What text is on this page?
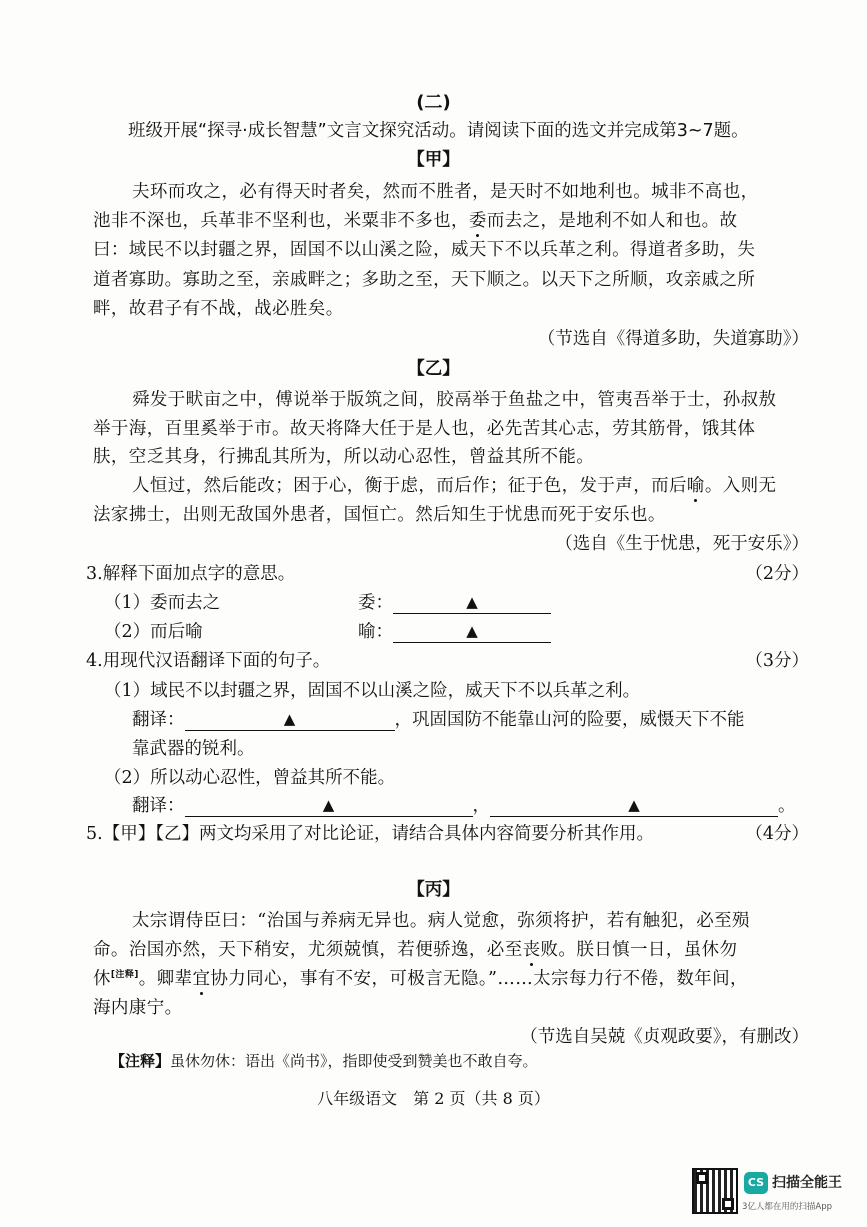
(二)
班级开展“探寻·成长智慧”文言文探究活动。请阅读下面的选文并完成第3~7题。
【甲】
夫环而攻之，必有得天时者矣，然而不胜者，是天时不如地利也。城非不高也，
池非不深也，兵革非不坚利也，米粟非不多也，委而去之，是地利不如人和也。故
曰：域民不以封疆之界，固国不以山溪之险，威天下不以兵革之利。得道者多助，失
道者寡助。寡助之至，亲戚畔之；多助之至，天下顺之。以天下之所顺，攻亲戚之所
畔，故君子有不战，战必胜矣。
（节选自《得道多助，失道寡助》）
【乙】
舜发于畎亩之中，傅说举于版筑之间，胶鬲举于鱼盐之中，管夷吾举于士，孙叔敖
举于海，百里奚举于市。故天将降大任于是人也，必先苦其心志，劳其筋骨，饿其体
肤，空乏其身，行拂乱其所为，所以动心忍性，曾益其所不能。
人恒过，然后能改；困于心，衡于虑，而后作；征于色，发于声，而后喻。入则无
法家拂士，出则无敌国外患者，国恒亡。然后知生于忧患而死于安乐也。
（选自《生于忧患，死于安乐》）
3.解释下面加点字的意思。	（2分）
（1）委而去之	委：	▲
（2）而后喻	喻：	▲
4.用现代汉语翻译下面的句子。	（3分）
（1）域民不以封疆之界，固国不以山溪之险，威天下不以兵革之利。
翻译：	▲	，巩固国防不能靠山河的险要，威慑天下不能
靠武器的锐利。
（2）所以动心忍性，曾益其所不能。
翻译：	▲	，	▲	。
5.【甲】【乙】两文均采用了对比论证，请结合具体内容简要分析其作用。	（4分）
【丙】
太宗谓侍臣曰：“治国与养病无异也。病人觉愈，弥须将护，若有触犯，必至殒
命。治国亦然，天下稍安，尤须兢慎，若便骄逸，必至丧败。朕日慎一日，虽休勿
休[注释]。卿辈宜协力同心，事有不安，可极言无隐。”……太宗每力行不倦，数年间，
海内康宁。
（节选自吴兢《贞观政要》，有删改）
【注释】虽休勿休：语出《尚书》，指即使受到赞美也不敢自夸。
八年级语文　第 2 页（共 8 页）
CS 扫描全能王
3亿人都在用的扫描App
